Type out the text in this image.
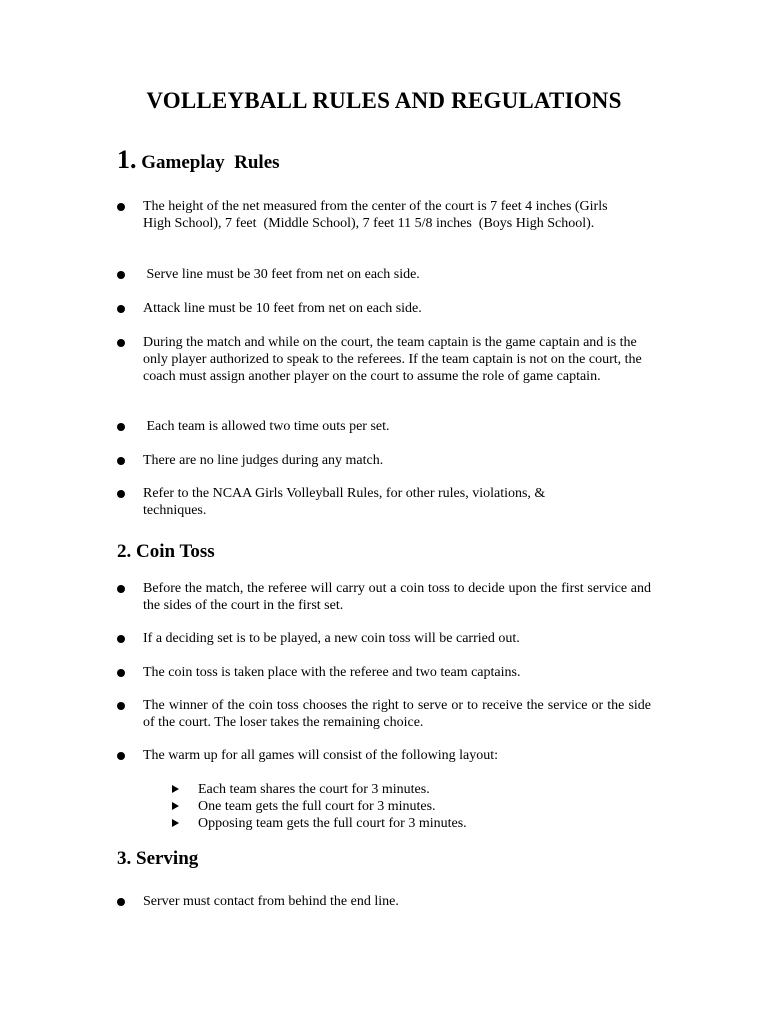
VOLLEYBALL RULES AND REGULATIONS
1. Gameplay  Rules
The height of the net measured from the center of the court is 7 feet 4 inches (Girls High School), 7 feet  (Middle School), 7 feet 11 5/8 inches  (Boys High School).
Serve line must be 30 feet from net on each side.
Attack line must be 10 feet from net on each side.
During the match and while on the court, the team captain is the game captain and is the only player authorized to speak to the referees. If the team captain is not on the court, the coach must assign another player on the court to assume the role of game captain.
Each team is allowed two time outs per set.
There are no line judges during any match.
Refer to the NCAA Girls Volleyball Rules, for other rules, violations, & techniques.
2. Coin Toss
Before the match, the referee will carry out a coin toss to decide upon the first service and the sides of the court in the first set.
If a deciding set is to be played, a new coin toss will be carried out.
The coin toss is taken place with the referee and two team captains.
The winner of the coin toss chooses the right to serve or to receive the service or the side of the court. The loser takes the remaining choice.
The warm up for all games will consist of the following layout:
Each team shares the court for 3 minutes.
One team gets the full court for 3 minutes.
Opposing team gets the full court for 3 minutes.
3. Serving
Server must contact from behind the end line.
